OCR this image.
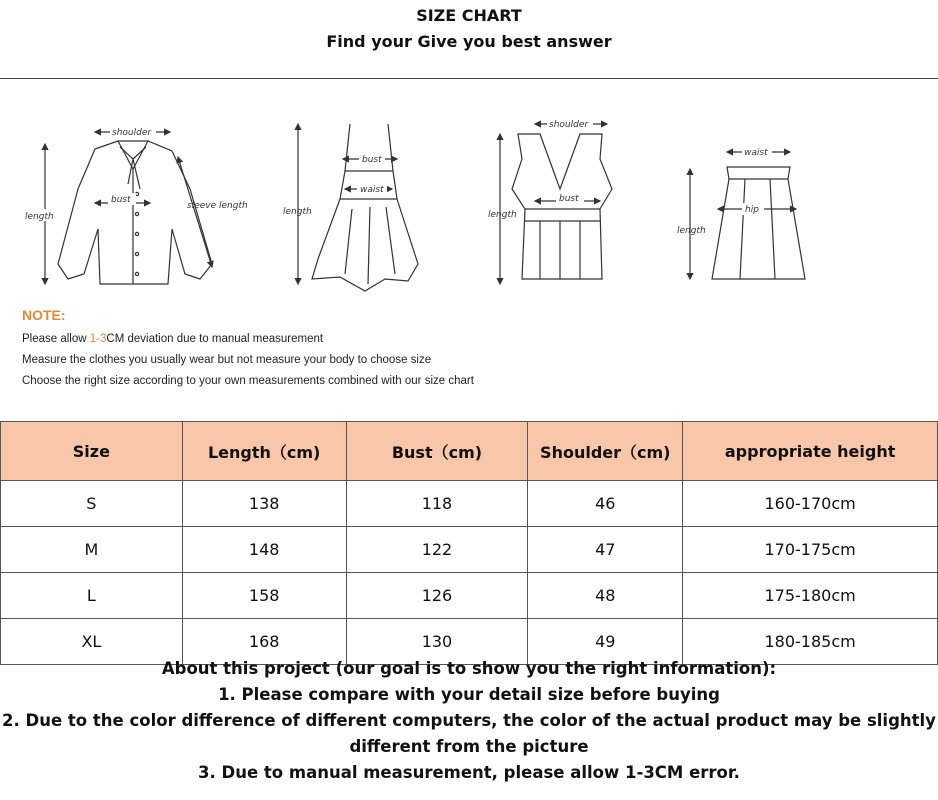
SIZE CHART
Find your Give you best answer
shoulder
bust
length
sleeve length
bust
waist
length
shoulder
bust
length
waist
hip
length
NOTE:
Please allow 1-3CM deviation due to manual measurement
Measure the clothes you usually wear but not measure your body to choose size
Choose the right size according to your own measurements combined with our size chart
Size	Length（cm)	Bust（cm)	Shoulder（cm)	appropriate height
S	138	118	46	160-170cm
M	148	122	47	170-175cm
L	158	126	48	175-180cm
XL	168	130	49	180-185cm
About this project (our goal is to show you the right information):
1. Please compare with your detail size before buying
2. Due to the color difference of different computers, the color of the actual product may be slightly
different from the picture
3. Due to manual measurement, please allow 1-3CM error.
